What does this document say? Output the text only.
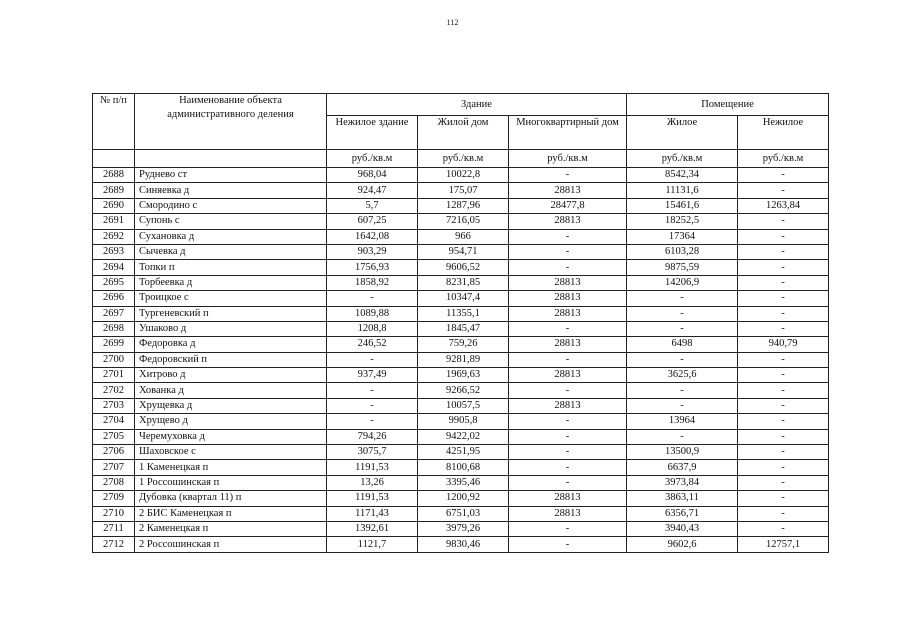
112
№ п/п	Наименование объекта административного деления	Здание			Помещение	
		Нежилое здание	Жилой дом	Многоквартирный дом	Жилое	Нежилое
		руб./кв.м	руб./кв.м	руб./кв.м	руб./кв.м	руб./кв.м
2688	Руднево ст	968,04	10022,8	-	8542,34	-
2689	Синяевка д	924,47	175,07	28813	11131,6	-
2690	Смородино с	5,7	1287,96	28477,8	15461,6	1263,84
2691	Супонь с	607,25	7216,05	28813	18252,5	-
2692	Сухановка д	1642,08	966	-	17364	-
2693	Сычевка д	903,29	954,71	-	6103,28	-
2694	Топки п	1756,93	9606,52	-	9875,59	-
2695	Торбеевка д	1858,92	8231,85	28813	14206,9	-
2696	Троицкое с	-	10347,4	28813	-	-
2697	Тургеневский п	1089,88	11355,1	28813	-	-
2698	Ушаково д	1208,8	1845,47	-	-	-
2699	Федоровка д	246,52	759,26	28813	6498	940,79
2700	Федоровский п	-	9281,89	-	-	-
2701	Хитрово д	937,49	1969,63	28813	3625,6	-
2702	Хованка д	-	9266,52	-	-	-
2703	Хрущевка д	-	10057,5	28813	-	-
2704	Хрущево д	-	9905,8	-	13964	-
2705	Черемуховка д	794,26	9422,02	-	-	-
2706	Шаховское с	3075,7	4251,95	-	13500,9	-
2707	1 Каменецкая п	1191,53	8100,68	-	6637,9	-
2708	1 Россошинская п	13,26	3395,46	-	3973,84	-
2709	Дубовка (квартал 11) п	1191,53	1200,92	28813	3863,11	-
2710	2 БИС Каменецкая п	1171,43	6751,03	28813	6356,71	-
2711	2 Каменецкая п	1392,61	3979,26	-	3940,43	-
2712	2 Россошинская п	1121,7	9830,46	-	9602,6	12757,1
